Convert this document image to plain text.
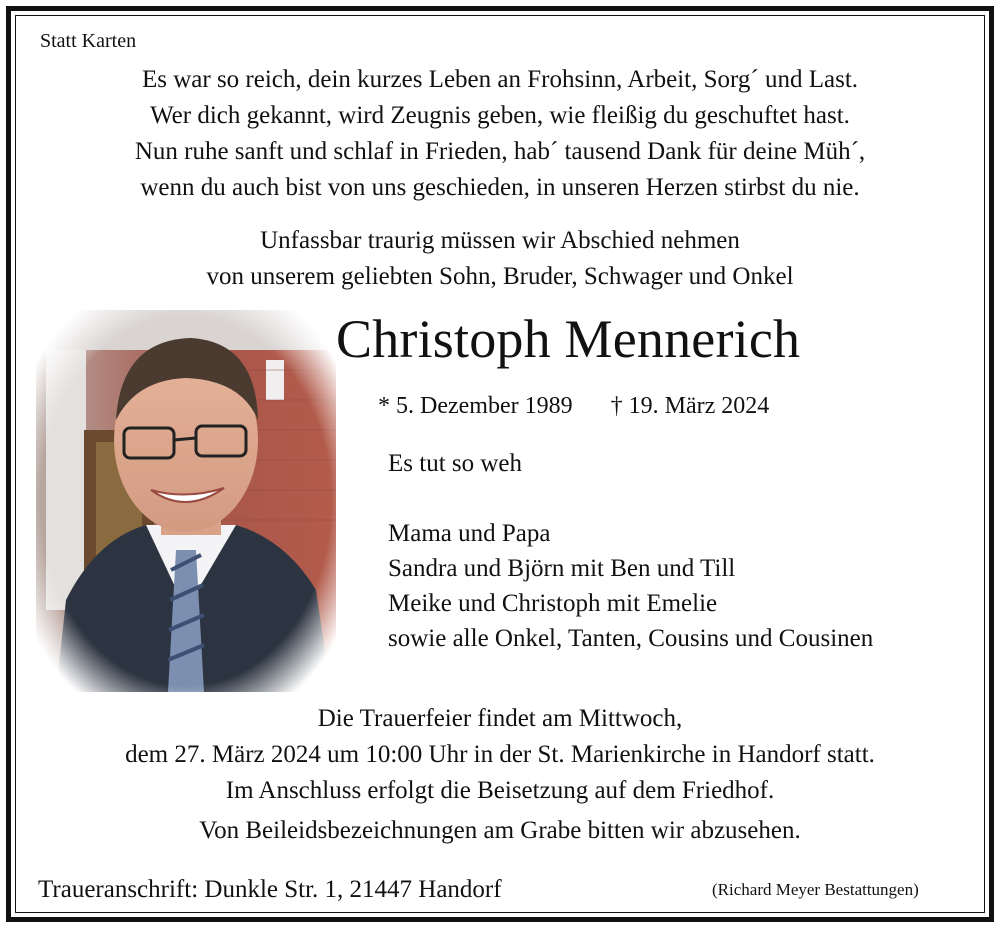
Statt Karten
Es war so reich, dein kurzes Leben an Frohsinn, Arbeit, Sorg´ und Last.
Wer dich gekannt, wird Zeugnis geben, wie fleißig du geschuftet hast.
Nun ruhe sanft und schlaf in Frieden, hab´ tausend Dank für deine Müh´,
wenn du auch bist von uns geschieden, in unseren Herzen stirbst du nie.
Unfassbar traurig müssen wir Abschied nehmen
von unserem geliebten Sohn, Bruder, Schwager und Onkel
Christoph Mennerich
* 5. Dezember 1989 † 19. März 2024
Es tut so weh
Mama und Papa
Sandra und Björn mit Ben und Till
Meike und Christoph mit Emelie
sowie alle Onkel, Tanten, Cousins und Cousinen
Die Trauerfeier findet am Mittwoch,
dem 27. März 2024 um 10:00 Uhr in der St. Marienkirche in Handorf statt.
Im Anschluss erfolgt die Beisetzung auf dem Friedhof.
Von Beileidsbezeichnungen am Grabe bitten wir abzusehen.
Traueranschrift: Dunkle Str. 1, 21447 Handorf	(Richard Meyer Bestattungen)
